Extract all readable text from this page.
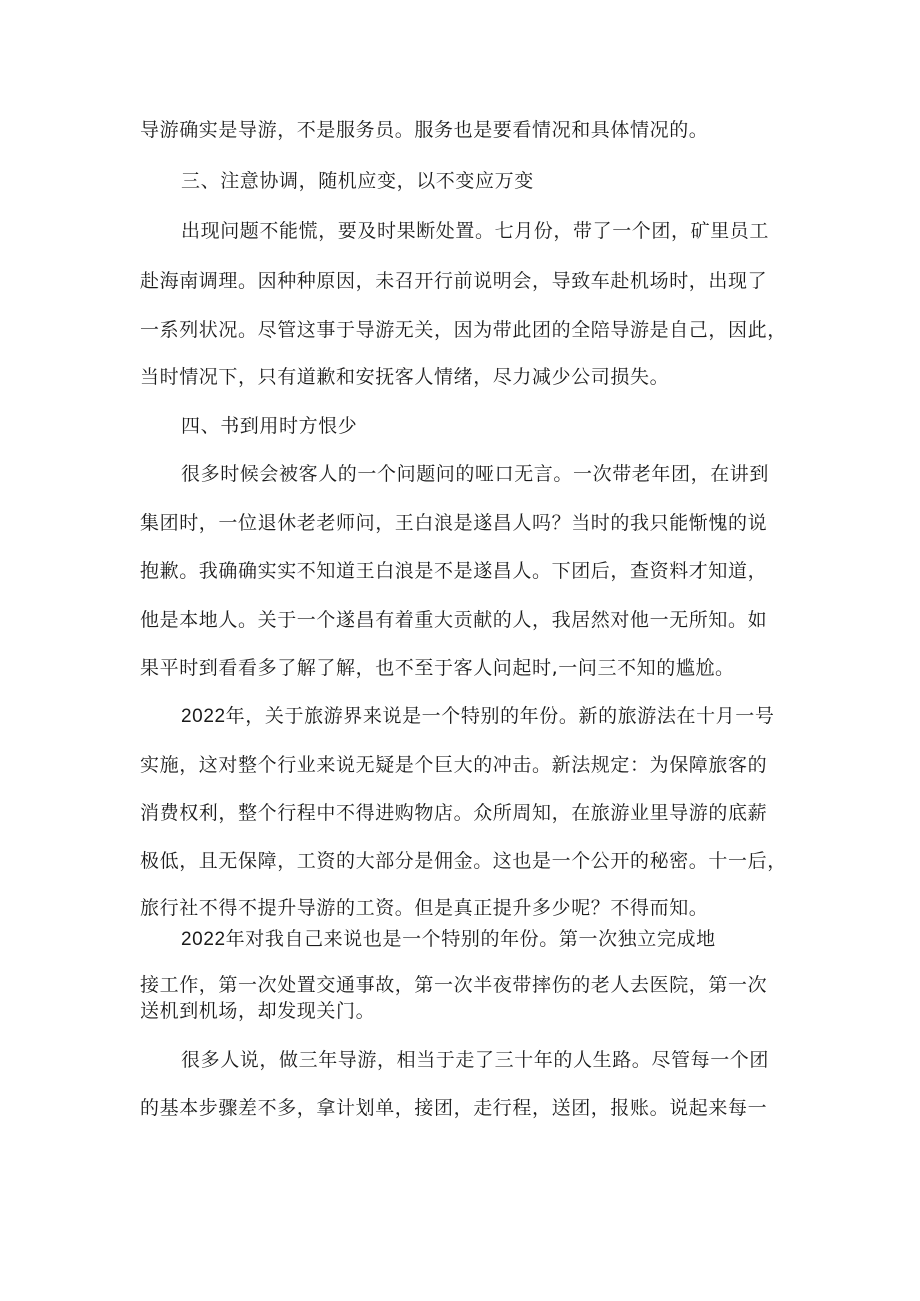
导游确实是导游，不是服务员。服务也是要看情况和具体情况的。
三、注意协调，随机应变，以不变应万变
出现问题不能慌，要及时果断处置。七月份，带了一个团，矿里员工
赴海南调理。因种种原因，未召开行前说明会，导致车赴机场时，出现了
一系列状况。尽管这事于导游无关，因为带此团的全陪导游是自己，因此，
当时情况下，只有道歉和安抚客人情绪，尽力减少公司损失。
四、书到用时方恨少
很多时候会被客人的一个问题问的哑口无言。一次带老年团，在讲到
集团时，一位退休老老师问，王白浪是遂昌人吗？当时的我只能惭愧的说
抱歉。我确确实实不知道王白浪是不是遂昌人。下团后，查资料才知道，
他是本地人。关于一个遂昌有着重大贡献的人，我居然对他一无所知。如
果平时到看看多了解了解，也不至于客人问起时,一问三不知的尴尬。
2022年，关于旅游界来说是一个特别的年份。新的旅游法在十月一号
实施，这对整个行业来说无疑是个巨大的冲击。新法规定：为保障旅客的
消费权利，整个行程中不得进购物店。众所周知，在旅游业里导游的底薪
极低，且无保障，工资的大部分是佣金。这也是一个公开的秘密。十一后，
旅行社不得不提升导游的工资。但是真正提升多少呢？不得而知。
2022年对我自己来说也是一个特别的年份。第一次独立完成地
接工作，第一次处置交通事故，第一次半夜带摔伤的老人去医院，第一次
送机到机场，却发现关门。
很多人说，做三年导游，相当于走了三十年的人生路。尽管每一个团
的基本步骤差不多，拿计划单，接团，走行程，送团，报账。说起来每一
